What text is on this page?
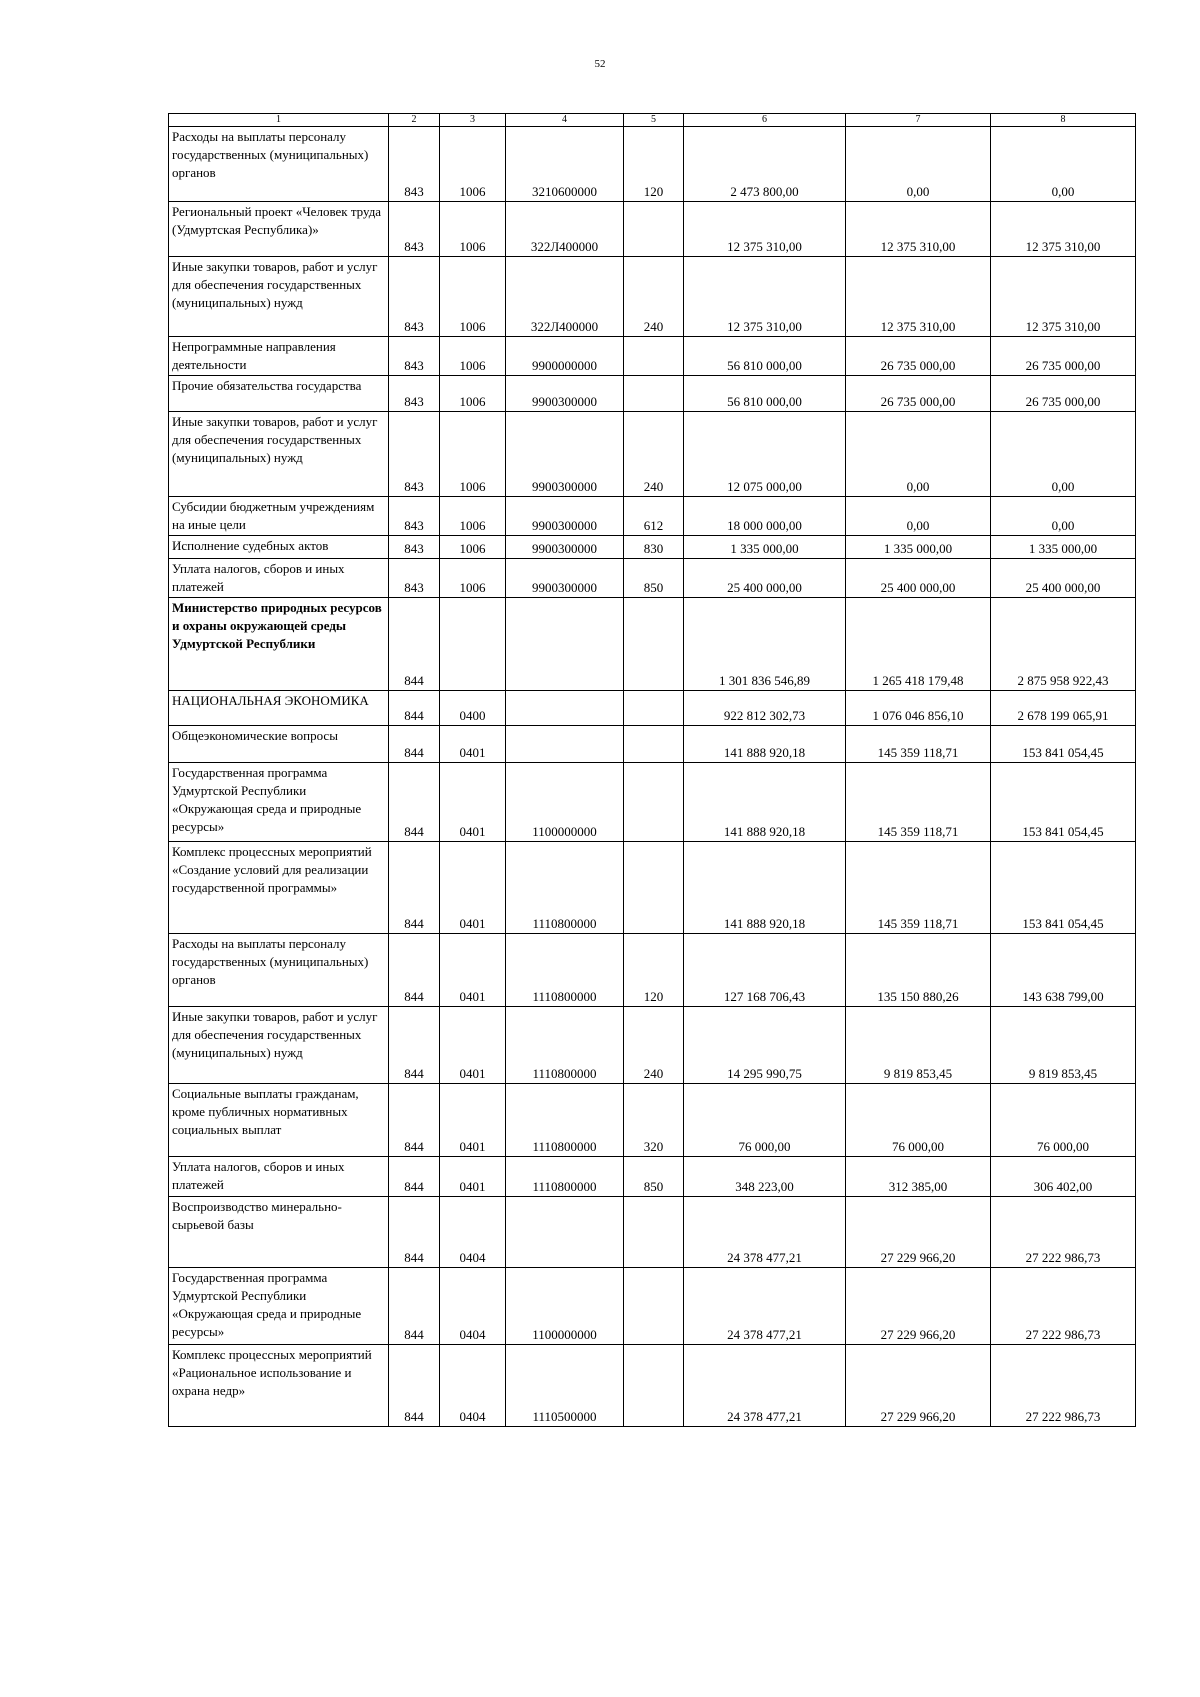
52
1	2	3	4	5	6	7	8
Расходы на выплаты персоналу государственных (муниципальных) органов	843	1006	3210600000	120	2 473 800,00	0,00	0,00
Региональный проект «Человек труда (Удмуртская Республика)»	843	1006	322Л400000		12 375 310,00	12 375 310,00	12 375 310,00
Иные закупки товаров, работ и услуг для обеспечения государственных (муниципальных) нужд	843	1006	322Л400000	240	12 375 310,00	12 375 310,00	12 375 310,00
Непрограммные направления деятельности	843	1006	9900000000		56 810 000,00	26 735 000,00	26 735 000,00
Прочие обязательства государства	843	1006	9900300000		56 810 000,00	26 735 000,00	26 735 000,00
Иные закупки товаров, работ и услуг для обеспечения государственных (муниципальных) нужд	843	1006	9900300000	240	12 075 000,00	0,00	0,00
Субсидии бюджетным учреждениям на иные цели	843	1006	9900300000	612	18 000 000,00	0,00	0,00
Исполнение судебных актов	843	1006	9900300000	830	1 335 000,00	1 335 000,00	1 335 000,00
Уплата налогов, сборов и иных платежей	843	1006	9900300000	850	25 400 000,00	25 400 000,00	25 400 000,00
Министерство природных ресурсов и охраны окружающей среды Удмуртской Республики	844				1 301 836 546,89	1 265 418 179,48	2 875 958 922,43
НАЦИОНАЛЬНАЯ ЭКОНОМИКА	844	0400			922 812 302,73	1 076 046 856,10	2 678 199 065,91
Общеэкономические вопросы	844	0401			141 888 920,18	145 359 118,71	153 841 054,45
Государственная программа Удмуртской Республики «Окружающая среда и природные ресурсы»	844	0401	1100000000		141 888 920,18	145 359 118,71	153 841 054,45
Комплекс процессных мероприятий «Создание условий для реализации государственной программы»	844	0401	1110800000		141 888 920,18	145 359 118,71	153 841 054,45
Расходы на выплаты персоналу государственных (муниципальных) органов	844	0401	1110800000	120	127 168 706,43	135 150 880,26	143 638 799,00
Иные закупки товаров, работ и услуг для обеспечения государственных (муниципальных) нужд	844	0401	1110800000	240	14 295 990,75	9 819 853,45	9 819 853,45
Социальные выплаты гражданам, кроме публичных нормативных социальных выплат	844	0401	1110800000	320	76 000,00	76 000,00	76 000,00
Уплата налогов, сборов и иных платежей	844	0401	1110800000	850	348 223,00	312 385,00	306 402,00
Воспроизводство минерально-сырьевой базы	844	0404			24 378 477,21	27 229 966,20	27 222 986,73
Государственная программа Удмуртской Республики «Окружающая среда и природные ресурсы»	844	0404	1100000000		24 378 477,21	27 229 966,20	27 222 986,73
Комплекс процессных мероприятий «Рациональное использование и охрана недр»	844	0404	1110500000		24 378 477,21	27 229 966,20	27 222 986,73
